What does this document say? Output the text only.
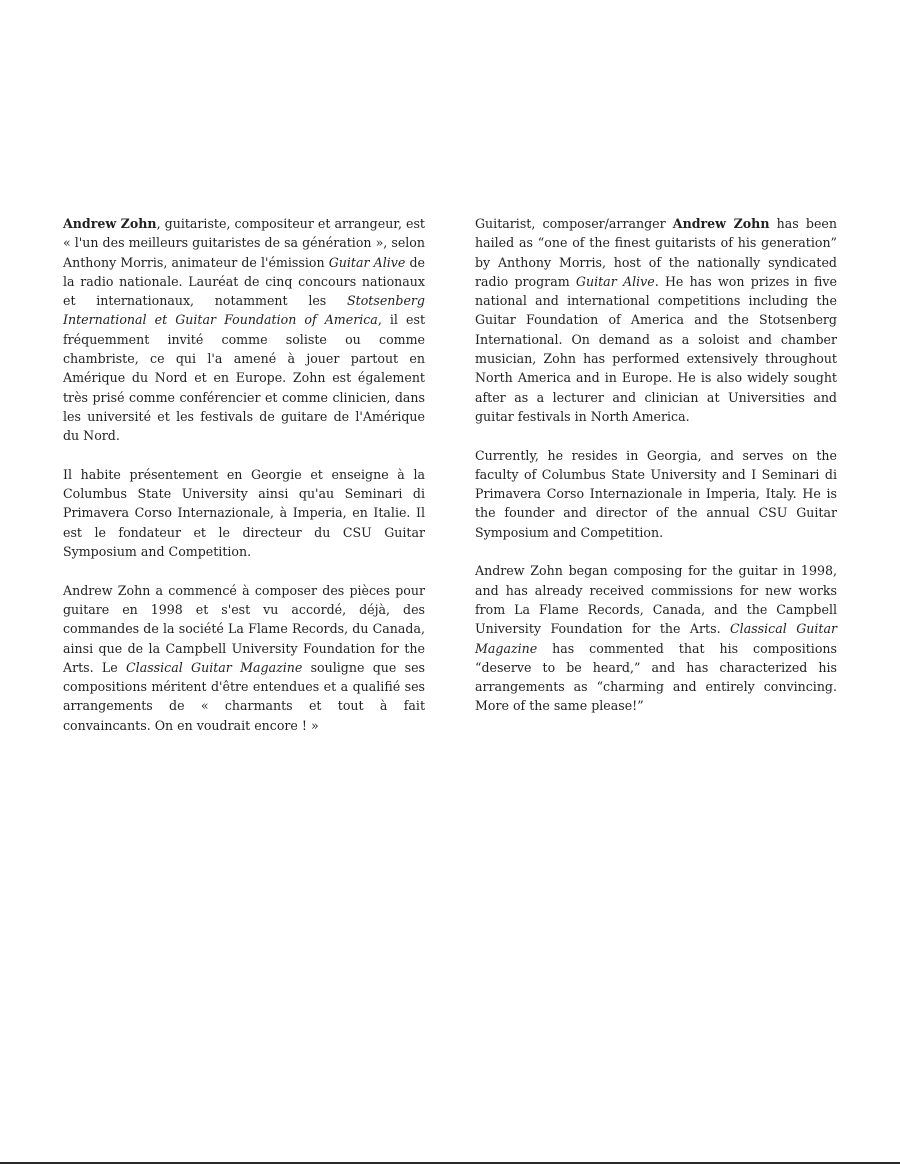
Andrew Zohn, guitariste, compositeur et arrangeur, est « l'un des meilleurs guitaristes de sa génération », selon Anthony Morris, animateur de l'émission Guitar Alive de la radio nationale. Lauréat de cinq concours nationaux et internationaux, notamment les Stotsenberg International et Guitar Foundation of America, il est fréquemment invité comme soliste ou comme chambriste, ce qui l'a amené à jouer partout en Amérique du Nord et en Europe. Zohn est également très prisé comme conférencier et comme clinicien, dans les université et les festivals de guitare de l'Amérique du Nord.

Il habite présentement en Georgie et enseigne à la Columbus State University ainsi qu'au Seminari di Primavera Corso Internazionale, à Imperia, en Italie. Il est le fondateur et le directeur du CSU Guitar Symposium and Competition.

Andrew Zohn a commencé à composer des pièces pour guitare en 1998 et s'est vu accordé, déjà, des commandes de la société La Flame Records, du Canada, ainsi que de la Campbell University Foundation for the Arts. Le Classical Guitar Magazine souligne que ses compositions méritent d'être entendues et a qualifié ses arrangements de « charmants et tout à fait convaincants. On en voudrait encore ! »

Guitarist, composer/arranger Andrew Zohn has been hailed as “one of the finest guitarists of his generation” by Anthony Morris, host of the nationally syndicated radio program Guitar Alive. He has won prizes in five national and international competitions including the Guitar Foundation of America and the Stotsenberg International. On demand as a soloist and chamber musician, Zohn has performed extensively throughout North America and in Europe. He is also widely sought after as a lecturer and clinician at Universities and guitar festivals in North America.

Currently, he resides in Georgia, and serves on the faculty of Columbus State University and I Seminari di Primavera Corso Internazionale in Imperia, Italy. He is the founder and director of the annual CSU Guitar Symposium and Competition.

Andrew Zohn began composing for the guitar in 1998, and has already received commissions for new works from La Flame Records, Canada, and the Campbell University Foundation for the Arts. Classical Guitar Magazine has commented that his compositions “deserve to be heard,” and has characterized his arrangements as “charming and entirely convincing. More of the same please!”
